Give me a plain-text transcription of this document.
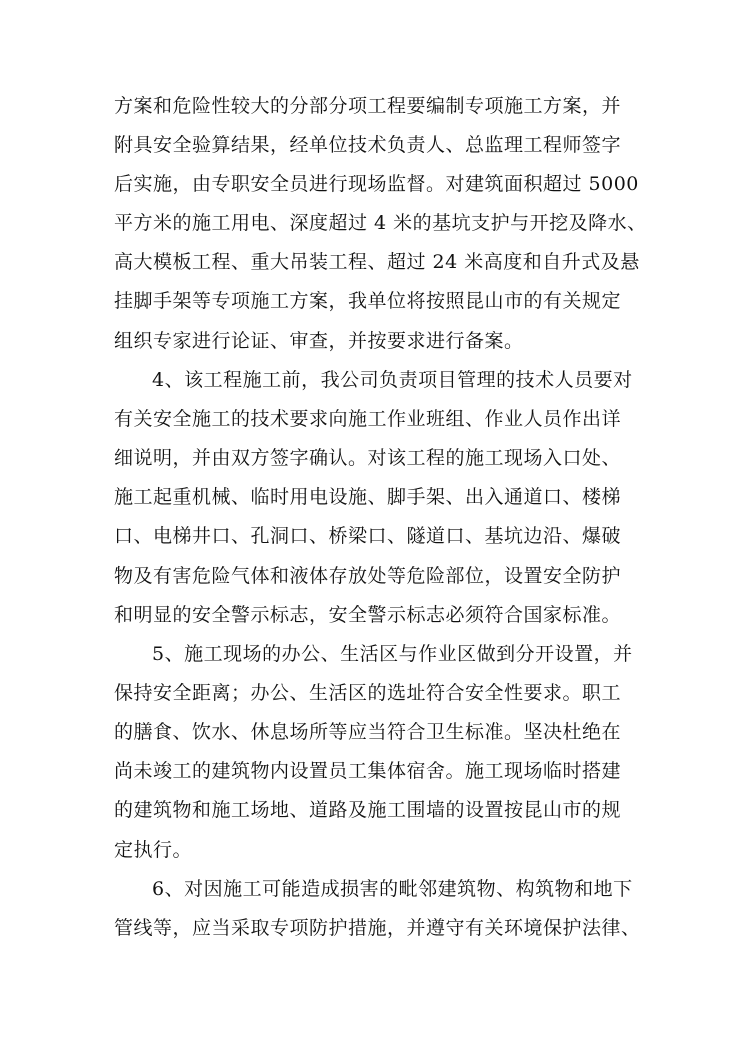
方案和危险性较大的分部分项工程要编制专项施工方案，并
附具安全验算结果，经单位技术负责人、总监理工程师签字
后实施，由专职安全员进行现场监督。对建筑面积超过 5000
平方米的施工用电、深度超过 4 米的基坑支护与开挖及降水、
高大模板工程、重大吊装工程、超过 24 米高度和自升式及悬
挂脚手架等专项施工方案，我单位将按照昆山市的有关规定
组织专家进行论证、审查，并按要求进行备案。
4、该工程施工前，我公司负责项目管理的技术人员要对
有关安全施工的技术要求向施工作业班组、作业人员作出详
细说明，并由双方签字确认。对该工程的施工现场入口处、
施工起重机械、临时用电设施、脚手架、出入通道口、楼梯
口、电梯井口、孔洞口、桥梁口、隧道口、基坑边沿、爆破
物及有害危险气体和液体存放处等危险部位，设置安全防护
和明显的安全警示标志，安全警示标志必须符合国家标准。
5、施工现场的办公、生活区与作业区做到分开设置，并
保持安全距离；办公、生活区的选址符合安全性要求。职工
的膳食、饮水、休息场所等应当符合卫生标准。坚决杜绝在
尚未竣工的建筑物内设置员工集体宿舍。施工现场临时搭建
的建筑物和施工场地、道路及施工围墙的设置按昆山市的规
定执行。
6、对因施工可能造成损害的毗邻建筑物、构筑物和地下
管线等，应当采取专项防护措施，并遵守有关环境保护法律、
